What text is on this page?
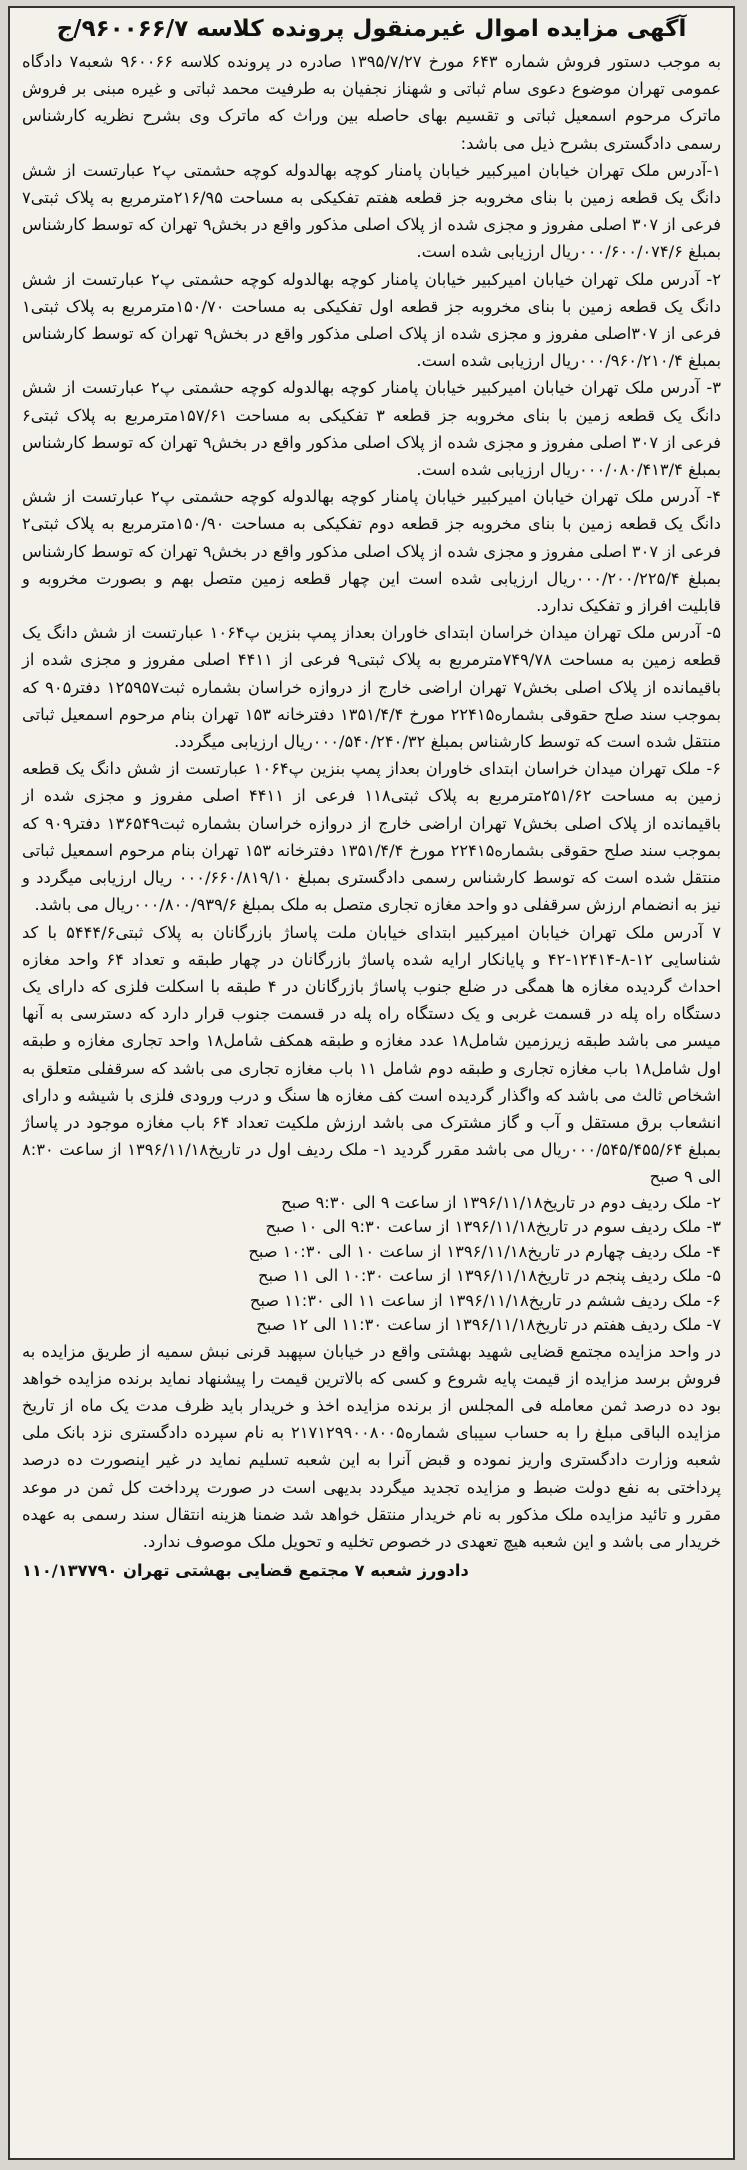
آگهی مزایده اموال غیرمنقول پرونده کلاسه ۹۶۰۰۶۶/۷/ج

به موجب دستور فروش شماره ۶۴۳ مورخ ۱۳۹۵/۷/۲۷ صادره در پرونده کلاسه ۹۶۰۰۶۶ شعبه۷ دادگاه عمومی تهران موضوع دعوی سام ثباتی و شهناز نجفیان به طرفیت محمد ثباتی و غیره مبنی بر فروش ماترک مرحوم اسمعیل ثباتی و تقسیم بهای حاصله بین وراث که ماترک وی بشرح نظریه کارشناس رسمی دادگستری بشرح ذیل می باشد:

۱-آدرس ملک تهران خیابان امیرکبیر خیابان پامنار کوچه بهالدوله کوچه حشمتی پ۲ عبارتست از شش دانگ یک قطعه زمین با بنای مخروبه جز قطعه هفتم تفکیکی به مساحت ۲۱۶/۹۵مترمربع به پلاک ثبتی۷ فرعی از ۳۰۷ اصلی مفروز و مجزی شده از پلاک اصلی مذکور واقع در بخش۹ تهران که توسط کارشناس بمبلغ ۰۰۰/۶۰۰/۰۷۴/۶ریال ارزیابی شده است.
۲- آدرس ملک تهران خیابان امیرکبیر خیابان پامنار کوچه بهالدوله کوچه حشمتی پ۲ عبارتست از شش دانگ یک قطعه زمین با بنای مخروبه جز قطعه اول تفکیکی به مساحت ۱۵۰/۷۰مترمربع به پلاک ثبتی۱ فرعی از ۳۰۷اصلی مفروز و مجزی شده از پلاک اصلی مذکور واقع در بخش۹ تهران که توسط کارشناس بمبلغ ۰۰۰/۹۶۰/۲۱۰/۴ریال ارزیابی شده است.
۳- آدرس ملک تهران خیابان امیرکبیر خیابان پامنار کوچه بهالدوله کوچه حشمتی پ۲ عبارتست از شش دانگ یک قطعه زمین با بنای مخروبه جز قطعه ۳ تفکیکی به مساحت ۱۵۷/۶۱مترمربع به پلاک ثبتی۶ فرعی از ۳۰۷ اصلی مفروز و مجزی شده از پلاک اصلی مذکور واقع در بخش۹ تهران که توسط کارشناس بمبلغ ۰۰۰/۰۸۰/۴۱۳/۴ریال ارزیابی شده است.
۴- آدرس ملک تهران خیابان امیرکبیر خیابان پامنار کوچه بهالدوله کوچه حشمتی پ۲ عبارتست از شش دانگ یک قطعه زمین با بنای مخروبه جز قطعه دوم تفکیکی به مساحت ۱۵۰/۹۰مترمربع به پلاک ثبتی۲ فرعی از ۳۰۷ اصلی مفروز و مجزی شده از پلاک اصلی مذکور واقع در بخش۹ تهران که توسط کارشناس بمبلغ ۰۰۰/۲۰۰/۲۲۵/۴ریال ارزیابی شده است این چهار قطعه زمین متصل بهم و بصورت مخروبه و قابلیت افراز و تفکیک ندارد.
۵- آدرس ملک تهران میدان خراسان ابتدای خاوران بعداز پمپ بنزین پ۱۰۶۴ عبارتست از شش دانگ یک قطعه زمین به مساحت ۷۴۹/۷۸مترمربع به پلاک ثبتی۹ فرعی از ۴۴۱۱ اصلی مفروز و مجزی شده از باقیمانده از پلاک اصلی بخش۷ تهران اراضی خارج از دروازه خراسان بشماره ثبت۱۲۵۹۵۷ دفتر۹۰۵ که بموجب سند صلح حقوقی بشماره۲۲۴۱۵ مورخ ۱۳۵۱/۴/۴ دفترخانه ۱۵۳ تهران بنام مرحوم اسمعیل ثباتی منتقل شده است که توسط کارشناس بمبلغ ۰۰۰/۵۴۰/۲۴۰/۳۲ریال ارزیابی میگردد.
۶- ملک تهران میدان خراسان ابتدای خاوران بعداز پمپ بنزین پ۱۰۶۴ عبارتست از شش دانگ یک قطعه زمین به مساحت ۲۵۱/۶۲مترمربع به پلاک ثبتی۱۱۸ فرعی از ۴۴۱۱ اصلی مفروز و مجزی شده از باقیمانده از پلاک اصلی بخش۷ تهران اراضی خارج از دروازه خراسان بشماره ثبت۱۳۶۵۴۹ دفتر۹۰۹ که بموجب سند صلح حقوقی بشماره۲۲۴۱۵ مورخ ۱۳۵۱/۴/۴ دفترخانه ۱۵۳ تهران بنام مرحوم اسمعیل ثباتی منتقل شده است که توسط کارشناس رسمی دادگستری بمبلغ ۰۰۰/۶۶۰/۸۱۹/۱۰ ریال ارزیابی میگردد و نیز به انضمام ارزش سرقفلی دو واحد مغازه تجاری متصل به ملک بمبلغ ۰۰۰/۸۰۰/۹۳۹/۶ریال می باشد.
۷ آدرس ملک تهران خیابان امیرکبیر ابتدای خیابان ملت پاساژ بازرگانان به پلاک ثبتی۵۴۴۴/۶ با کد شناسایی ۱۲-۸-۱۲۴۱۴-۴۲ و پایانکار ارایه شده پاساژ بازرگانان در چهار طبقه و تعداد ۶۴ واحد مغازه احداث گردیده مغازه ها همگی در ضلع جنوب پاساژ بازرگانان در ۴ طبقه با اسکلت فلزی که دارای یک دستگاه راه پله در قسمت غربی و یک دستگاه راه پله در قسمت جنوب قرار دارد که دسترسی به آنها میسر می باشد طبقه زیرزمین شامل۱۸ عدد مغازه و طبقه همکف شامل۱۸ واحد تجاری مغازه و طبقه اول شامل۱۸ باب مغازه تجاری و طبقه دوم شامل ۱۱ باب مغازه تجاری می باشد که سرقفلی متعلق به اشخاص ثالث می باشد که واگذار گردیده است کف مغازه ها سنگ و درب ورودی فلزی با شیشه و دارای انشعاب برق مستقل و آب و گاز مشترک می باشد ارزش ملکیت تعداد ۶۴ باب مغازه موجود در پاساژ بمبلغ ۰۰۰/۵۴۵/۴۵۵/۶۴ریال می باشد مقرر گردید ۱- ملک ردیف اول در تاریخ۱۳۹۶/۱۱/۱۸ از ساعت ۸:۳۰ الی ۹ صبح
۲- ملک ردیف دوم در تاریخ۱۳۹۶/۱۱/۱۸ از ساعت ۹ الی ۹:۳۰ صبح
۳- ملک ردیف سوم در تاریخ۱۳۹۶/۱۱/۱۸ از ساعت ۹:۳۰ الی ۱۰ صبح
۴- ملک ردیف چهارم در تاریخ۱۳۹۶/۱۱/۱۸ از ساعت ۱۰ الی ۱۰:۳۰ صبح
۵- ملک ردیف پنجم در تاریخ۱۳۹۶/۱۱/۱۸ از ساعت ۱۰:۳۰ الی ۱۱ صبح
۶- ملک ردیف ششم در تاریخ۱۳۹۶/۱۱/۱۸ از ساعت ۱۱ الی ۱۱:۳۰ صبح
۷- ملک ردیف هفتم در تاریخ۱۳۹۶/۱۱/۱۸ از ساعت ۱۱:۳۰ الی ۱۲ صبح

در واحد مزایده مجتمع قضایی شهید بهشتی واقع در خیابان سپهبد قرنی نبش سمیه از طریق مزایده به فروش برسد مزایده از قیمت پایه شروع و کسی که بالاترین قیمت را پیشنهاد نماید برنده مزایده خواهد بود ده درصد ثمن معامله فی المجلس از برنده مزایده اخذ و خریدار باید ظرف مدت یک ماه از تاریخ مزایده الباقی مبلغ را به حساب سیبای شماره۲۱۷۱۲۹۹۰۰۸۰۰۵ به نام سپرده دادگستری نزد بانک ملی شعبه وزارت دادگستری واریز نموده و قبض آنرا به این شعبه تسلیم نماید در غیر اینصورت ده درصد پرداختی به نفع دولت ضبط و مزایده تجدید میگردد بدیهی است در صورت پرداخت کل ثمن در موعد مقرر و تائید مزایده ملک مذکور به نام خریدار منتقل خواهد شد ضمنا هزینه انتقال سند رسمی به عهده خریدار می باشد و این شعبه هیچ تعهدی در خصوص تخلیه و تحویل ملک موصوف ندارد.

دادورز شعبه ۷ مجتمع قضایی بهشتی تهران ۱۱۰/۱۳۷۷۹۰
